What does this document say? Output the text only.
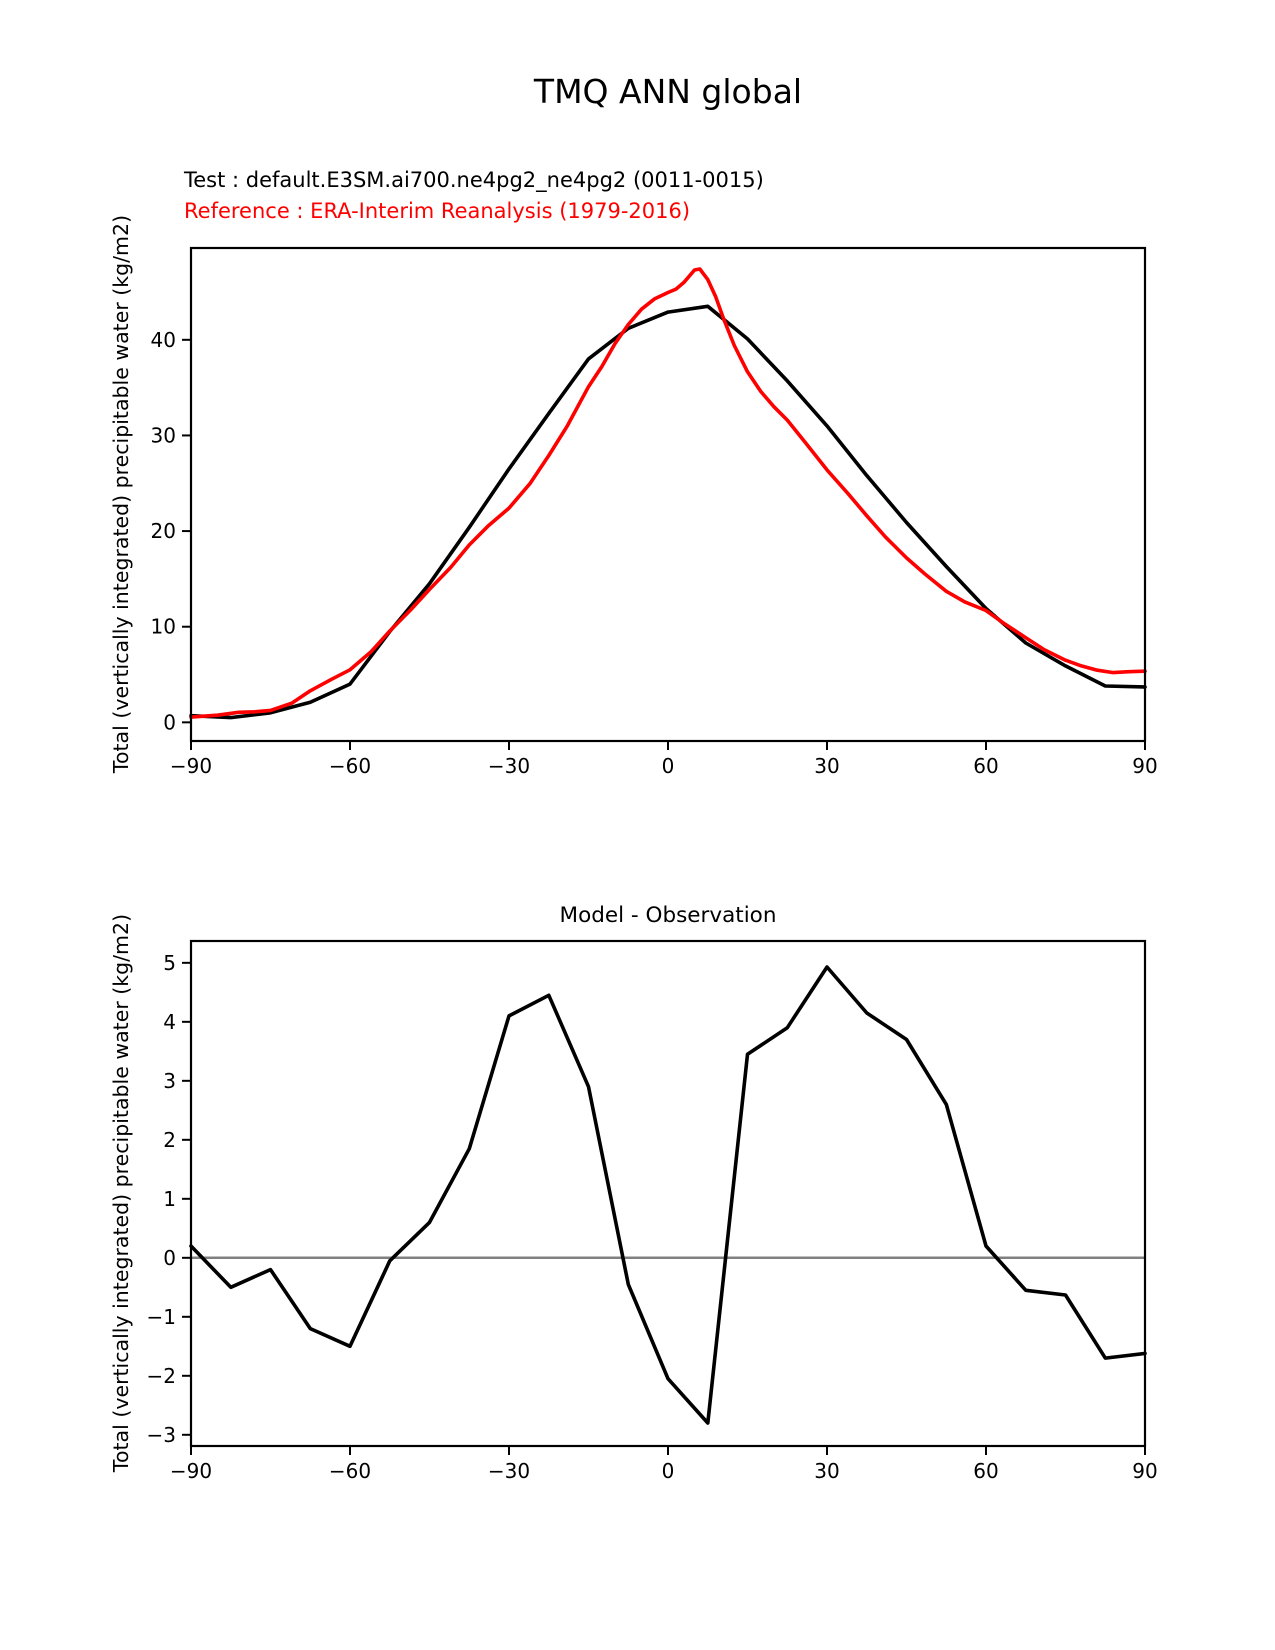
TMQ ANN global
Test : default.E3SM.ai700.ne4pg2_ne4pg2 (0011-0015)
Reference : ERA-Interim Reanalysis (1979-2016)
Total (vertically integrated) precipitable water (kg/m2)
Model - Observation
Total (vertically integrated) precipitable water (kg/m2)
−90	−60	−30	0	30	60	90
0
10
20
30
40
−90	−60	−30	0	30	60	90
5
4
3
2
1
0
−1
−2
−3
